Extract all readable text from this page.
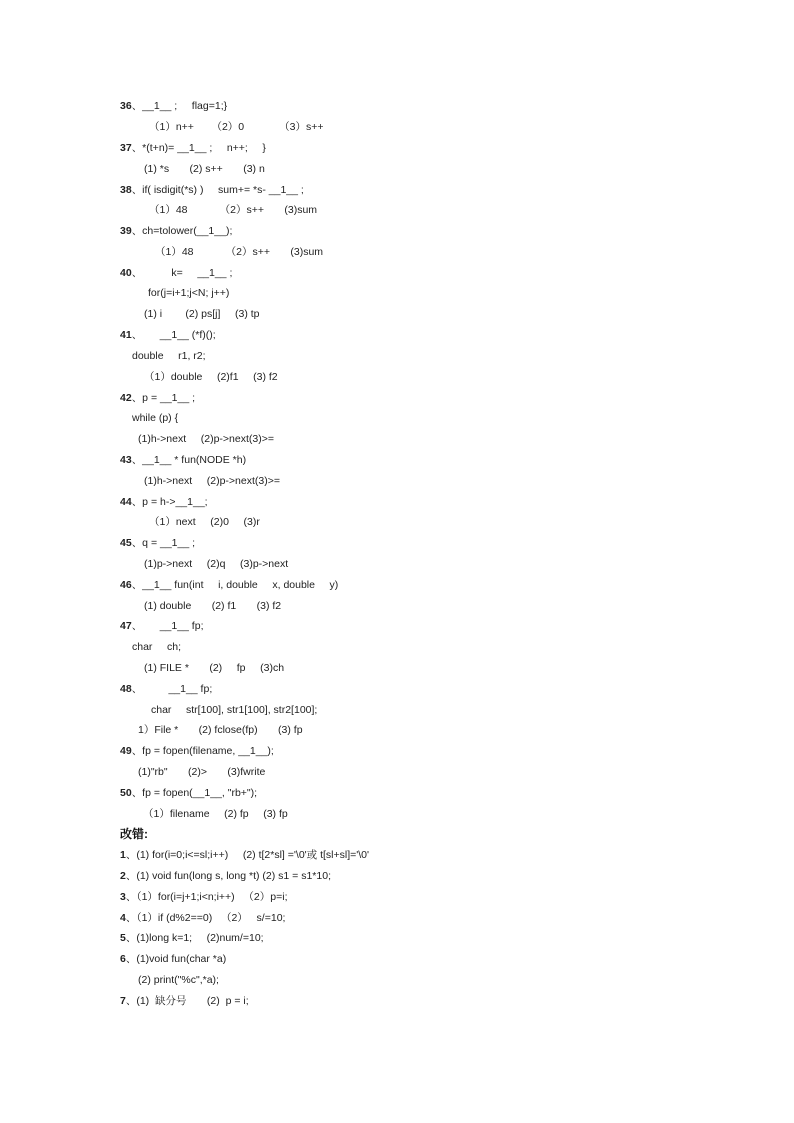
36、__1__ ;     flag=1;}
（1）n++      （2）0            （3）s++
37、*(t+n)= __1__ ;     n++;     }
(1) *s       (2) s++       (3) n
38、if( isdigit(*s) )     sum+= *s- __1__ ;
（1）48           （2）s++       (3)sum
39、ch=tolower(__1__);
（1）48           （2）s++       (3)sum
40、          k=     __1__ ;
for(j=i+1;j<N; j++)
(1) i        (2) ps[j]     (3) tp
41、      __1__ (*f)();
double     r1, r2;
（1）double     (2)f1     (3) f2
42、p = __1__ ;
while (p) {
(1)h->next     (2)p->next(3)>=
43、__1__ * fun(NODE *h)
(1)h->next     (2)p->next(3)>=
44、p = h->__1__;
（1）next     (2)0     (3)r
45、q = __1__ ;
(1)p->next     (2)q     (3)p->next
46、__1__ fun(int     i, double     x, double     y)
(1) double       (2) f1       (3) f2
47、      __1__ fp;
char     ch;
(1) FILE *       (2)     fp     (3)ch
48、         __1__ fp;
char     str[100], str1[100], str2[100];
1）File *       (2) fclose(fp)       (3) fp
49、fp = fopen(filename, __1__);
(1)"rb"       (2)>       (3)fwrite
50、fp = fopen(__1__, "rb+");
（1）filename     (2) fp     (3) fp
改错:
1、(1) for(i=0;i<=sl;i++)     (2) t[2*sl] ='\0'或 t[sl+sl]='\0'
2、(1) void fun(long s, long *t) (2) s1 = s1*10;
3、（1）for(i=j+1;i<n;i++)   （2）p=i;
4、（1）if (d%2==0)   （2）   s/=10;
5、(1)long k=1;     (2)num/=10;
6、(1)void fun(char *a)
(2) print("%c",*a);
7、(1)  缺分号       (2)  p = i;
